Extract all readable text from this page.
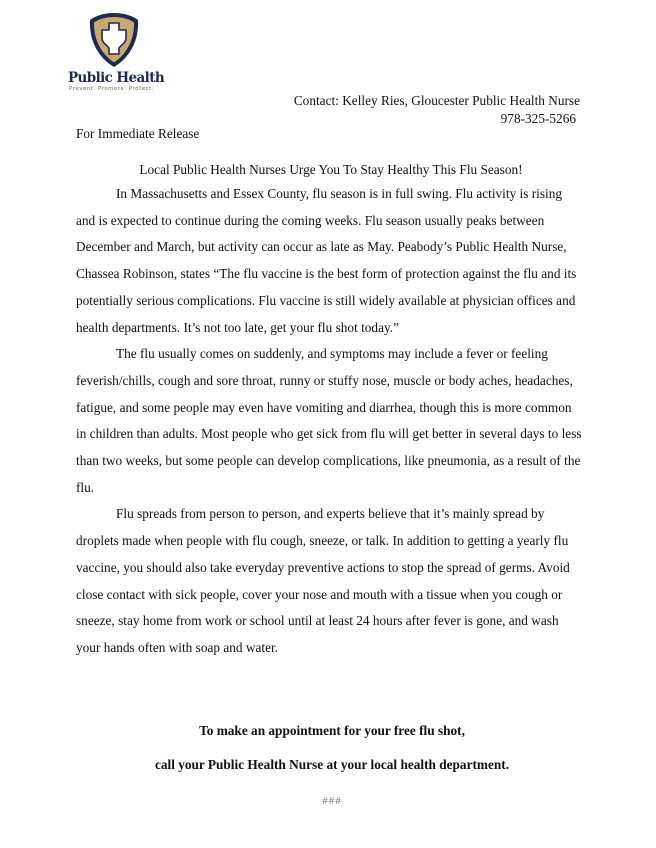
Public Health
Prevent. Promote. Protect.
Contact: Kelley Ries, Gloucester Public Health Nurse
978-325-5266
For Immediate Release
Local Public Health Nurses Urge You To Stay Healthy This Flu Season!

In Massachusetts and Essex County, flu season is in full swing. Flu activity is rising and is expected to continue during the coming weeks. Flu season usually peaks between December and March, but activity can occur as late as May. Peabody’s Public Health Nurse, Chassea Robinson, states “The flu vaccine is the best form of protection against the flu and its potentially serious complications. Flu vaccine is still widely available at physician offices and health departments. It’s not too late, get your flu shot today.”

The flu usually comes on suddenly, and symptoms may include a fever or feeling feverish/chills, cough and sore throat, runny or stuffy nose, muscle or body aches, headaches, fatigue, and some people may even have vomiting and diarrhea, though this is more common in children than adults. Most people who get sick from flu will get better in several days to less than two weeks, but some people can develop complications, like pneumonia, as a result of the flu.

Flu spreads from person to person, and experts believe that it’s mainly spread by droplets made when people with flu cough, sneeze, or talk. In addition to getting a yearly flu vaccine, you should also take everyday preventive actions to stop the spread of germs. Avoid close contact with sick people, cover your nose and mouth with a tissue when you cough or sneeze, stay home from work or school until at least 24 hours after fever is gone, and wash your hands often with soap and water.

To make an appointment for your free flu shot,
call your Public Health Nurse at your local health department.
###
